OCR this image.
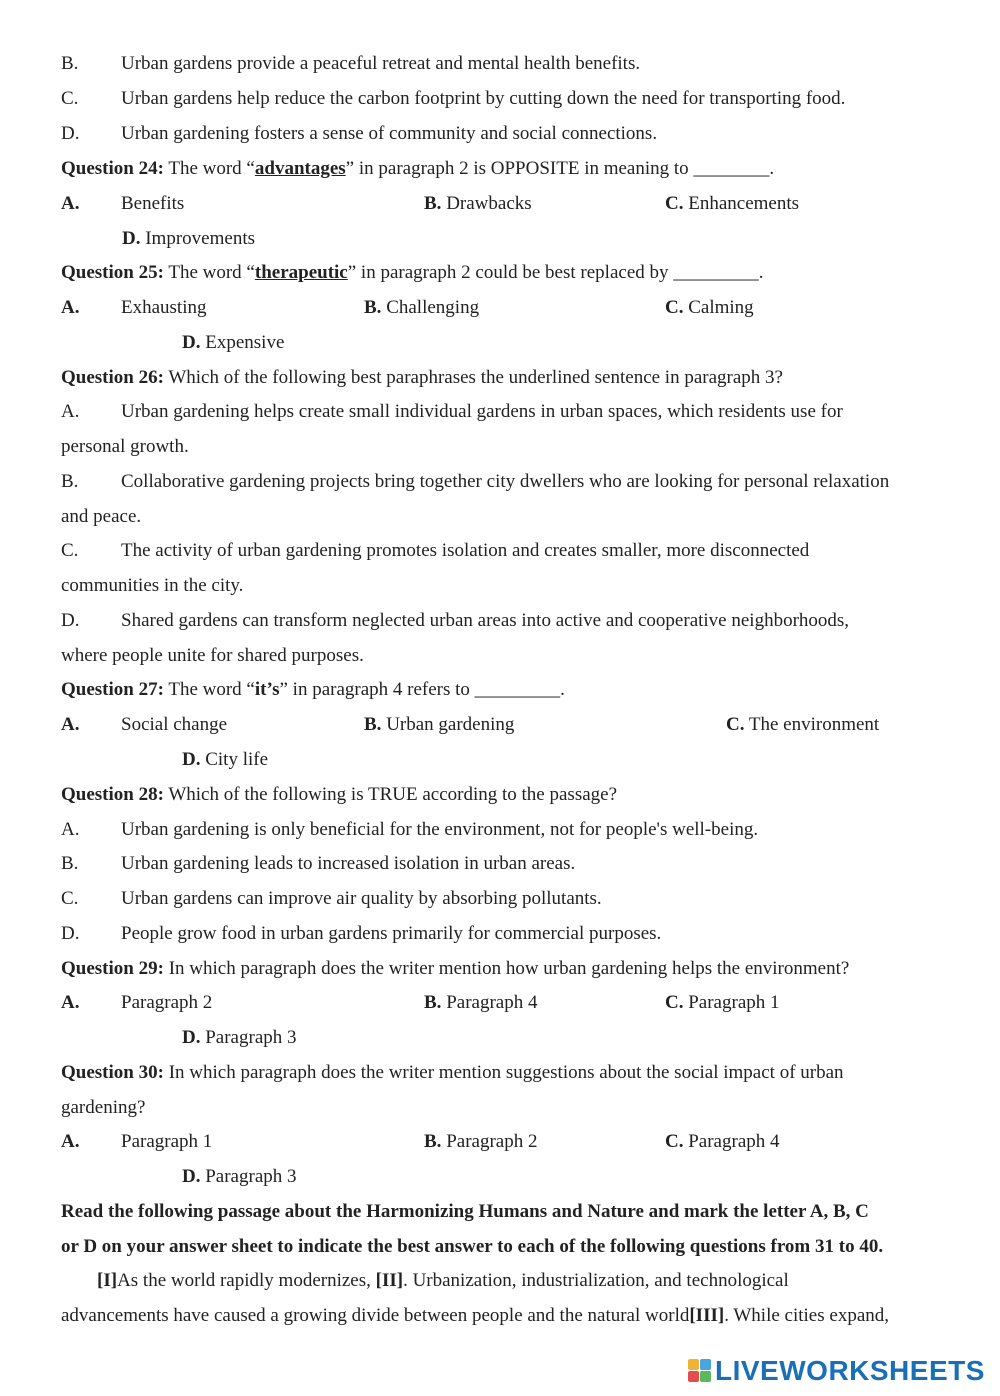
B. Urban gardens provide a peaceful retreat and mental health benefits.
C. Urban gardens help reduce the carbon footprint by cutting down the need for transporting food.
D. Urban gardening fosters a sense of community and social connections.
Question 24: The word “advantages” in paragraph 2 is OPPOSITE in meaning to ________.
A. Benefits	B. Drawbacks	C. Enhancements
D. Improvements
Question 25: The word “therapeutic” in paragraph 2 could be best replaced by _________.
A. Exhausting	B. Challenging	C. Calming
D. Expensive
Question 26: Which of the following best paraphrases the underlined sentence in paragraph 3?
A. Urban gardening helps create small individual gardens in urban spaces, which residents use for
personal growth.
B. Collaborative gardening projects bring together city dwellers who are looking for personal relaxation
and peace.
C. The activity of urban gardening promotes isolation and creates smaller, more disconnected
communities in the city.
D. Shared gardens can transform neglected urban areas into active and cooperative neighborhoods,
where people unite for shared purposes.
Question 27: The word “it’s” in paragraph 4 refers to _________.
A. Social change	B. Urban gardening	C. The environment
D. City life
Question 28: Which of the following is TRUE according to the passage?
A. Urban gardening is only beneficial for the environment, not for people's well-being.
B. Urban gardening leads to increased isolation in urban areas.
C. Urban gardens can improve air quality by absorbing pollutants.
D. People grow food in urban gardens primarily for commercial purposes.
Question 29: In which paragraph does the writer mention how urban gardening helps the environment?
A. Paragraph 2	B. Paragraph 4	C. Paragraph 1
D. Paragraph 3
Question 30: In which paragraph does the writer mention suggestions about the social impact of urban
gardening?
A. Paragraph 1	B. Paragraph 2	C. Paragraph 4
D. Paragraph 3
Read the following passage about the Harmonizing Humans and Nature and mark the letter A, B, C
or D on your answer sheet to indicate the best answer to each of the following questions from 31 to 40.
[I]As the world rapidly modernizes, [II]. Urbanization, industrialization, and technological
advancements have caused a growing divide between people and the natural world[III]. While cities expand,
LIVEWORKSHEETS
